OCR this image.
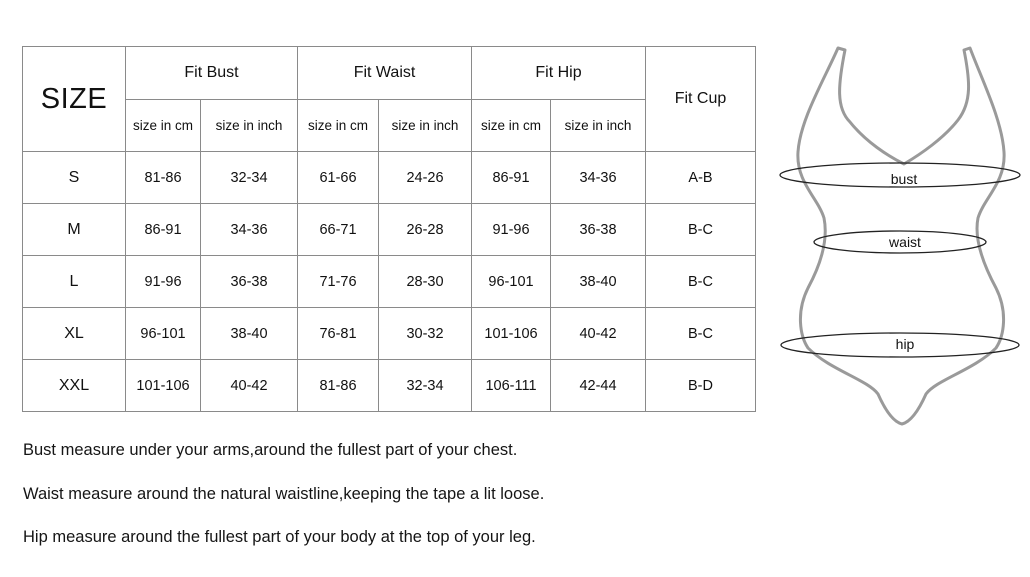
SIZE	Fit Bust		Fit Waist		Fit Hip		Fit Cup
	size in cm	size in inch	size in cm	size in inch	size in cm	size in inch	
S	81-86	32-34	61-66	24-26	86-91	34-36	A-B
M	86-91	34-36	66-71	26-28	91-96	36-38	B-C
L	91-96	36-38	71-76	28-30	96-101	38-40	B-C
XL	96-101	38-40	76-81	30-32	101-106	40-42	B-C
XXL	101-106	40-42	81-86	32-34	106-111	42-44	B-D

Bust measure under your arms,around the fullest part of your chest.

Waist measure around the natural waistline,keeping the tape a lit loose.

Hip measure around the fullest part of your body at the top of your leg.

bust
waist
hip
